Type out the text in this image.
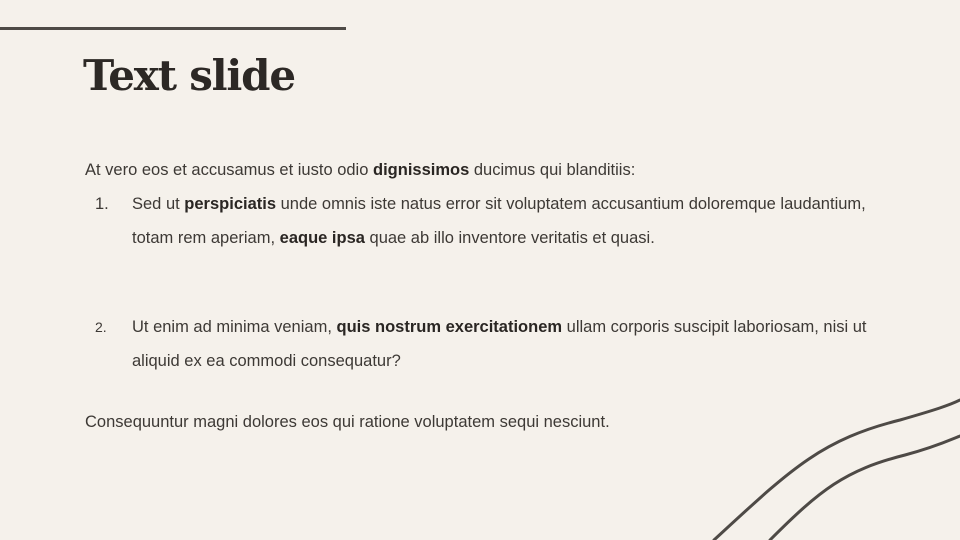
Text slide

At vero eos et accusamus et iusto odio dignissimos ducimus qui blanditiis:

1.	Sed ut perspiciatis unde omnis iste natus error sit voluptatem accusantium doloremque laudantium, totam rem aperiam, eaque ipsa quae ab illo inventore veritatis et quasi.
2.	Ut enim ad minima veniam, quis nostrum exercitationem ullam corporis suscipit laboriosam, nisi ut aliquid ex ea commodi consequatur?

Consequuntur magni dolores eos qui ratione voluptatem sequi nesciunt.
